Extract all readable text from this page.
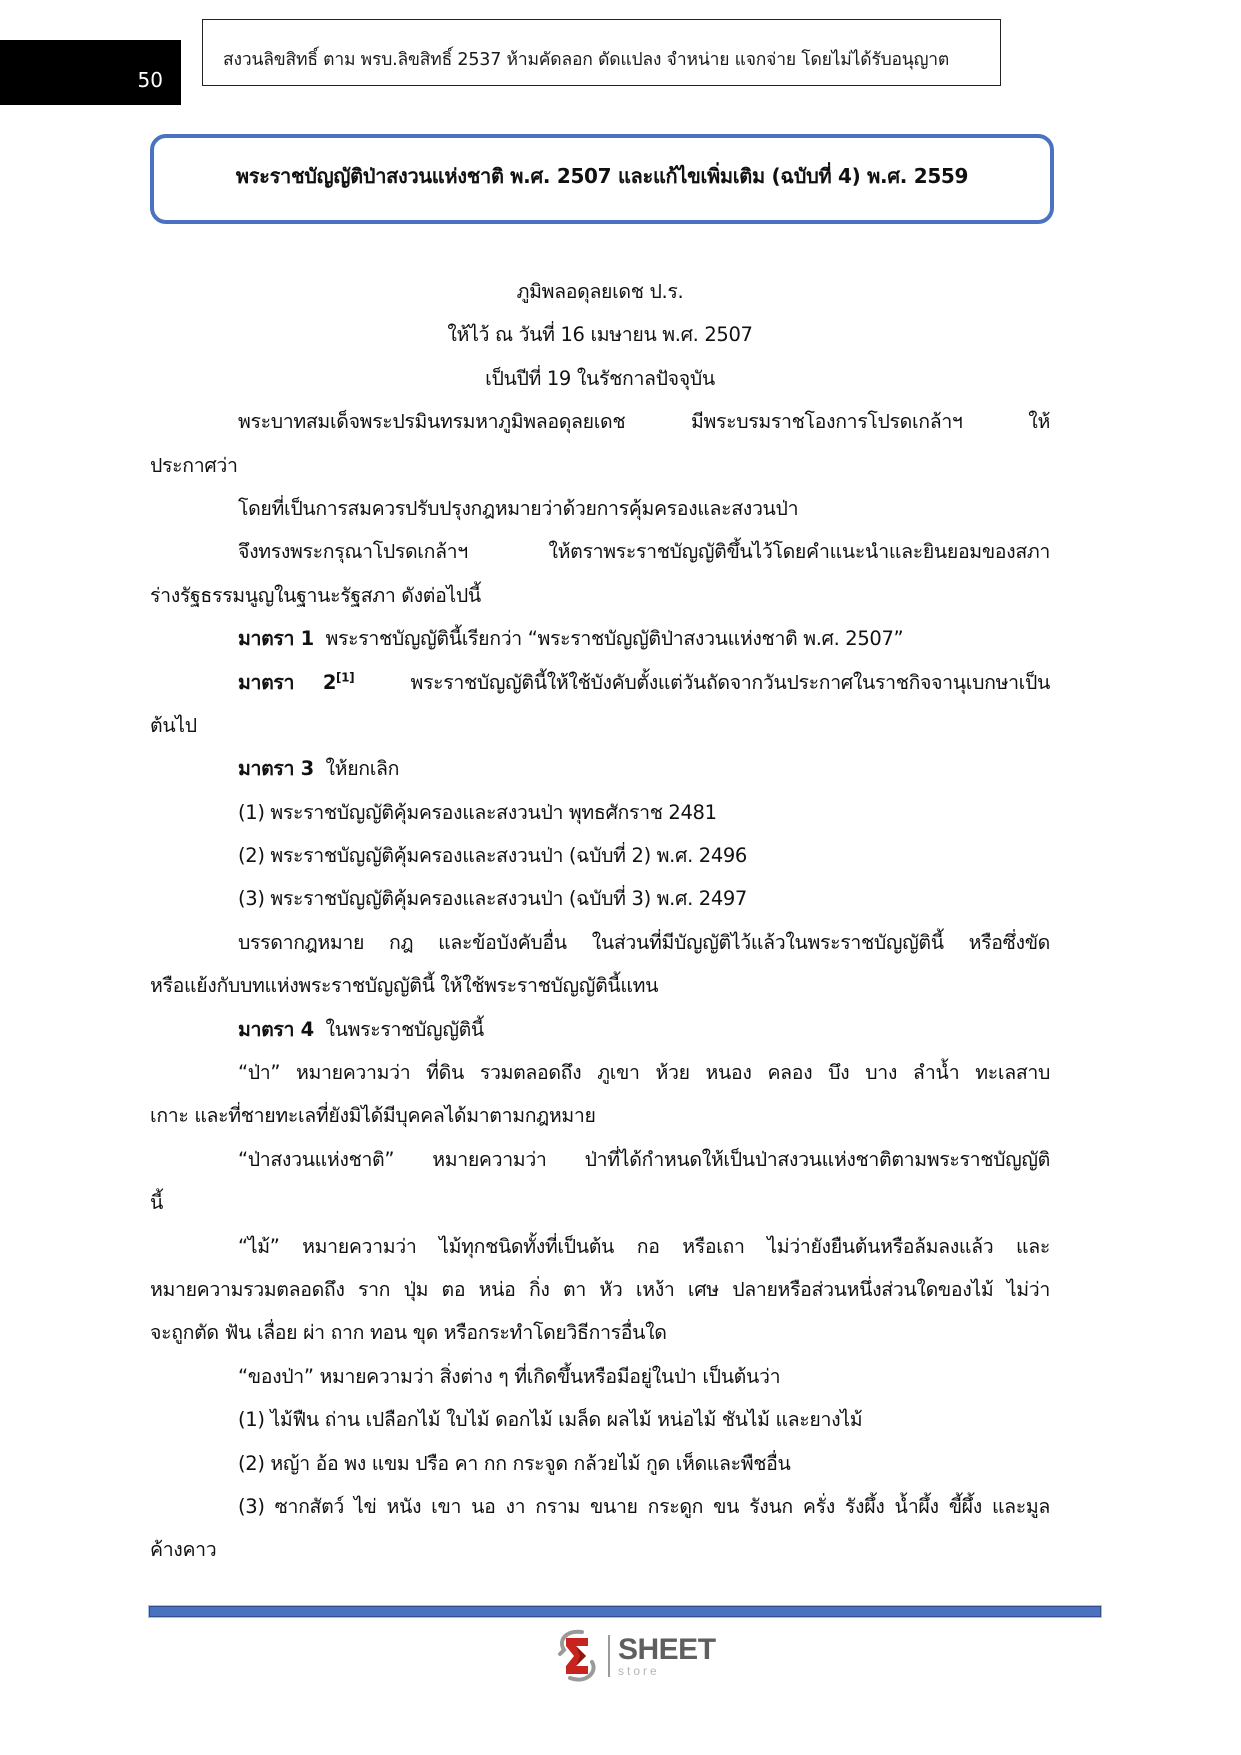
50
สงวนลิขสิทธิ์ ตาม พรบ.ลิขสิทธิ์ 2537 ห้ามคัดลอก ดัดแปลง จำหน่าย แจกจ่าย โดยไม่ได้รับอนุญาต
พระราชบัญญัติป่าสงวนแห่งชาติ พ.ศ. 2507 และแก้ไขเพิ่มเติม (ฉบับที่ 4) พ.ศ. 2559
ภูมิพลอดุลยเดช ป.ร.
ให้ไว้ ณ วันที่ 16 เมษายน พ.ศ. 2507
เป็นปีที่ 19 ในรัชกาลปัจจุบัน
พระบาทสมเด็จพระปรมินทรมหาภูมิพลอดุลยเดช มีพระบรมราชโองการโปรดเกล้าฯ ให้
ประกาศว่า
โดยที่เป็นการสมควรปรับปรุงกฎหมายว่าด้วยการคุ้มครองและสงวนป่า
จึงทรงพระกรุณาโปรดเกล้าฯ ให้ตราพระราชบัญญัติขึ้นไว้โดยคำแนะนำและยินยอมของสภา
ร่างรัฐธรรมนูญในฐานะรัฐสภา ดังต่อไปนี้
มาตรา 1 พระราชบัญญัตินี้เรียกว่า “พระราชบัญญัติป่าสงวนแห่งชาติ พ.ศ. 2507”
มาตรา 2[1]	พระราชบัญญัตินี้ให้ใช้บังคับตั้งแต่วันถัดจากวันประกาศในราชกิจจานุเบกษาเป็น
ต้นไป
มาตรา 3 ให้ยกเลิก
(1) พระราชบัญญัติคุ้มครองและสงวนป่า พุทธศักราช 2481
(2) พระราชบัญญัติคุ้มครองและสงวนป่า (ฉบับที่ 2) พ.ศ. 2496
(3) พระราชบัญญัติคุ้มครองและสงวนป่า (ฉบับที่ 3) พ.ศ. 2497
บรรดากฎหมาย กฎ และข้อบังคับอื่น ในส่วนที่มีบัญญัติไว้แล้วในพระราชบัญญัตินี้ หรือซึ่งขัด
หรือแย้งกับบทแห่งพระราชบัญญัตินี้ ให้ใช้พระราชบัญญัตินี้แทน
มาตรา 4 ในพระราชบัญญัตินี้
“ป่า” หมายความว่า ที่ดิน รวมตลอดถึง ภูเขา ห้วย หนอง คลอง บึง บาง ลำน้ำ ทะเลสาบ
เกาะ และที่ชายทะเลที่ยังมิได้มีบุคคลได้มาตามกฎหมาย
“ป่าสงวนแห่งชาติ” หมายความว่า ป่าที่ได้กำหนดให้เป็นป่าสงวนแห่งชาติตามพระราชบัญญัติ
นี้
“ไม้” หมายความว่า ไม้ทุกชนิดทั้งที่เป็นต้น กอ หรือเถา ไม่ว่ายังยืนต้นหรือล้มลงแล้ว และ
หมายความรวมตลอดถึง ราก ปุ่ม ตอ หน่อ กิ่ง ตา หัว เหง้า เศษ ปลายหรือส่วนหนึ่งส่วนใดของไม้ ไม่ว่า
จะถูกตัด ฟัน เลื่อย ผ่า ถาก ทอน ขุด หรือกระทำโดยวิธีการอื่นใด
“ของป่า” หมายความว่า สิ่งต่าง ๆ ที่เกิดขึ้นหรือมีอยู่ในป่า เป็นต้นว่า
(1) ไม้ฟืน ถ่าน เปลือกไม้ ใบไม้ ดอกไม้ เมล็ด ผลไม้ หน่อไม้ ชันไม้ และยางไม้
(2) หญ้า อ้อ พง แขม ปรือ คา กก กระจูด กล้วยไม้ กูด เห็ดและพืชอื่น
(3) ซากสัตว์ ไข่ หนัง เขา นอ งา กราม ขนาย กระดูก ขน รังนก ครั่ง รังผึ้ง น้ำผึ้ง ขี้ผึ้ง และมูล
ค้างคาว
SHEET
store
